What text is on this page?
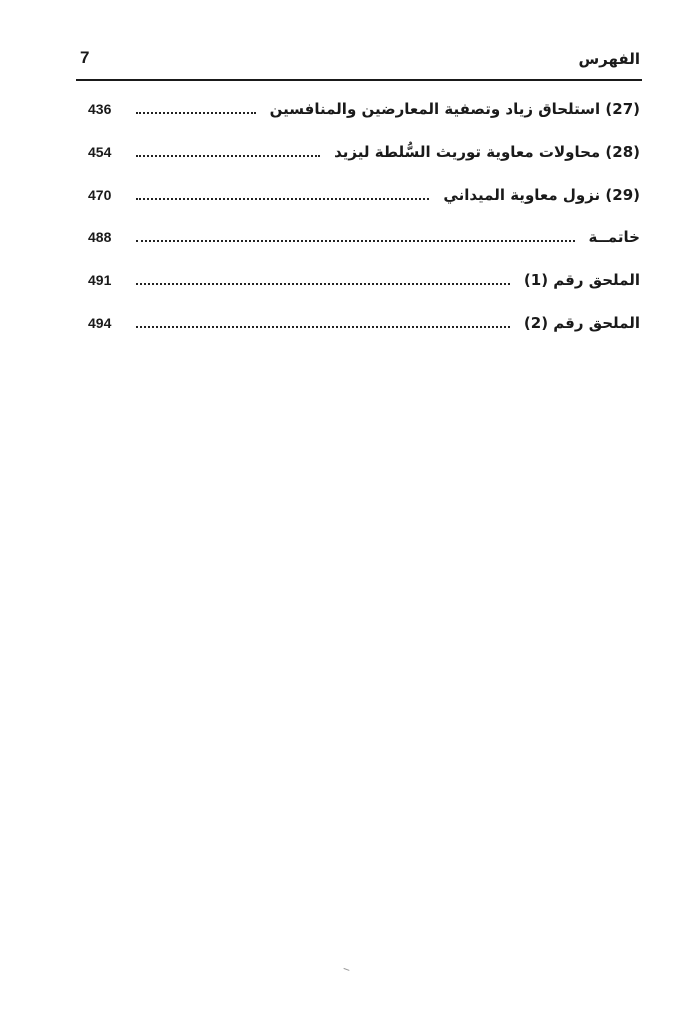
7	الفهرس
(27) استلحاق زياد وتصفية المعارضين والمنافسين
436
(28) محاولات معاوية توريث السُّلطة ليزيد
454
(29) نزول معاوية الميداني
470
خاتمــة
488
الملحق رقم (1)
491
الملحق رقم (2)
494
